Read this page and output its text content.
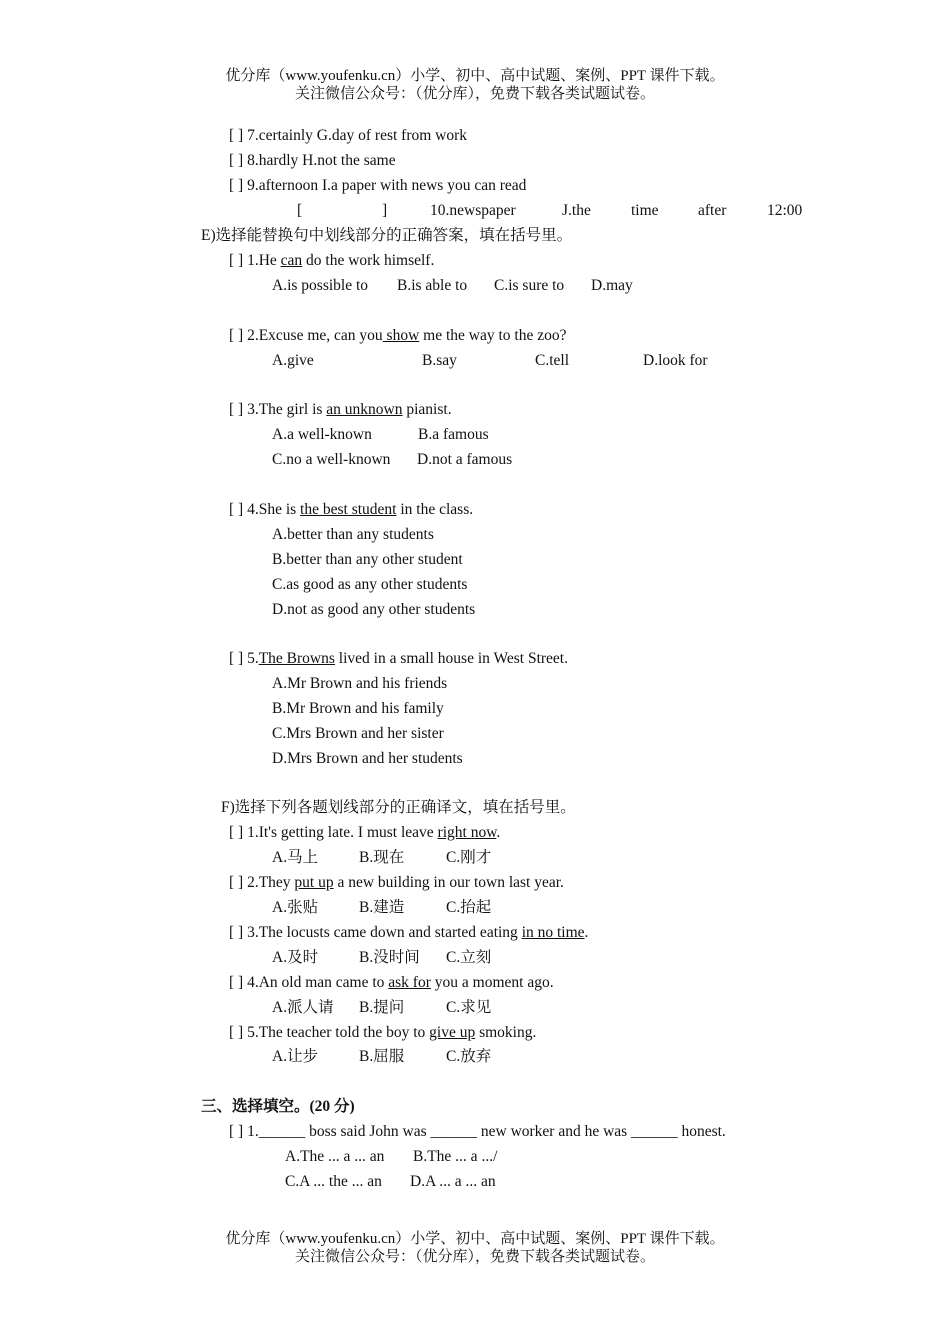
优分库（www.youfenku.cn）小学、初中、高中试题、案例、PPT 课件下载。
关注微信公众号：（优分库），免费下载各类试题试卷。
[ ] 7.certainly G.day of rest from work
[ ] 8.hardly H.not the same
[ ] 9.afternoon I.a paper with news you can read
[	]	10.newspaper	J.the	time	after	12:00
E)选择能替换句中划线部分的正确答案，填在括号里。
[ ] 1.He can do the work himself.
A.is possible to B.is able to C.is sure to D.may
[ ] 2.Excuse me, can you show me the way to the zoo?
A.give	B.say	C.tell	D.look for
[ ] 3.The girl is an unknown pianist.
A.a well-known	B.a famous
C.no a well-known D.not a famous
[ ] 4.She is the best student in the class.
A.better than any students
B.better than any other student
C.as good as any other students
D.not as good any other students
[ ] 5.The Browns lived in a small house in West Street.
A.Mr Brown and his friends
B.Mr Brown and his family
C.Mrs Brown and her sister
D.Mrs Brown and her students
F)选择下列各题划线部分的正确译文，填在括号里。
[ ] 1.It's getting late. I must leave right now.
A.马上	B.现在	C.刚才
[ ] 2.They put up a new building in our town last year.
A.张贴	B.建造	C.抬起
[ ] 3.The locusts came down and started eating in no time.
A.及时	B.没时间 C.立刻
[ ] 4.An old man came to ask for you a moment ago.
A.派人请 B.提问	C.求见
[ ] 5.The teacher told the boy to give up smoking.
A.让步	B.屈服	C.放弃
三、选择填空。(20 分)
[ ] 1.______ boss said John was ______ new worker and he was ______ honest.
A.The ... a ... an B.The ... a .../
C.A ... the ... an D.A ... a ... an
优分库（www.youfenku.cn）小学、初中、高中试题、案例、PPT 课件下载。
关注微信公众号：（优分库），免费下载各类试题试卷。
